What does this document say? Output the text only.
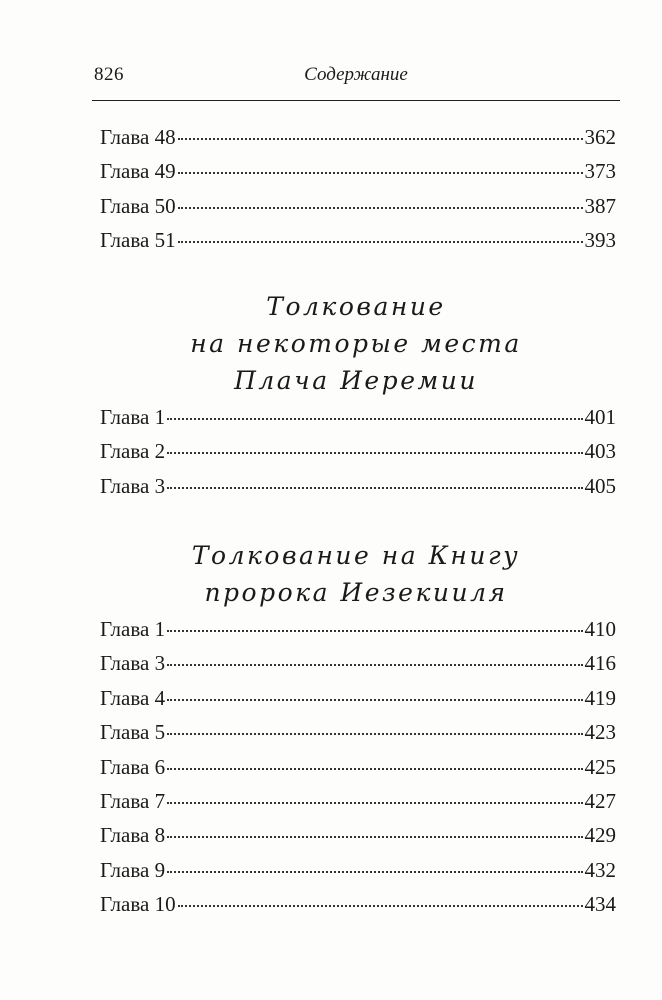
826	Содержание
Глава 48	362
Глава 49	373
Глава 50	387
Глава 51	393
Толкование
на некоторые места
Плача Иеремии
Глава 1	401
Глава 2	403
Глава 3	405
Толкование на Книгу
пророка Иезекииля
Глава 1	410
Глава 3	416
Глава 4	419
Глава 5	423
Глава 6	425
Глава 7	427
Глава 8	429
Глава 9	432
Глава 10	434
